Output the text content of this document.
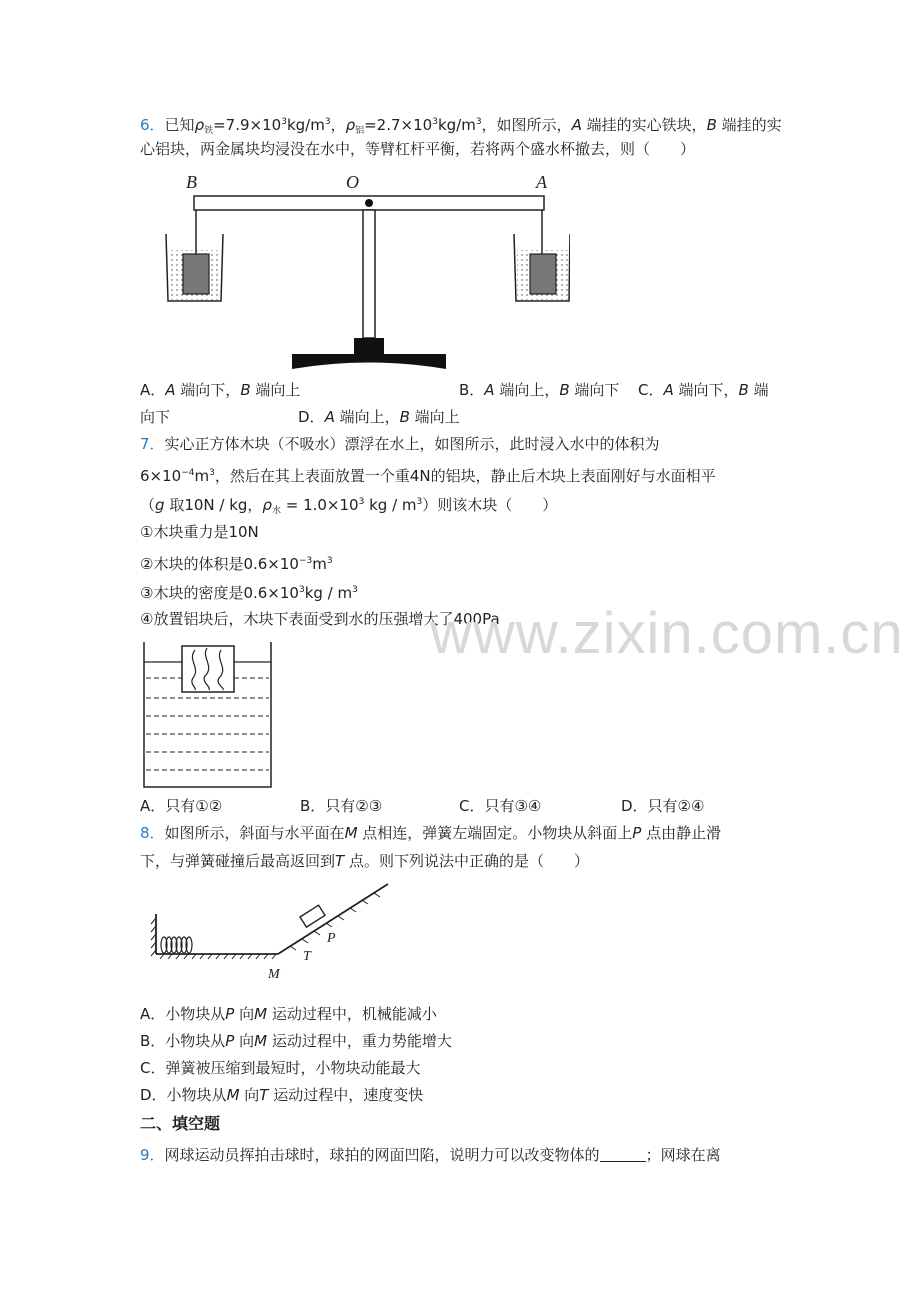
6．已知$\rho_铁=7.9\times 10^3kg/m^3$，$\rho_铝=2.7\times 10^3kg/m^3$，如图所示，A 端挂的实心铁块，B 端挂的实
心铝块，两金属块均浸没在水中，等臂杠杆平衡，若将两个盛水杯撤去，则（　　）
B	O	A
A．A 端向下，B 端向上	B．A 端向上，B 端向下 C．A 端向下，B 端
向下	D．A 端向上，B 端向上
7．实心正方体木块（不吸水）漂浮在水上，如图所示，此时浸入水中的体积为
$6\times 10^{-4}m^3$，然后在其上表面放置一个重4N的铝块，静止后木块上表面刚好与水面相平
（g 取10N / kg，$\rho_水 = 1.0\times 10^3$ kg / $m^3$）则该木块（　　）
①木块重力是10N
②木块的体积是$0.6\times 10^{-3}m^3$
③木块的密度是$0.6\times 10^3kg / m^3$
④放置铝块后，木块下表面受到水的压强增大了400Pa
www.zixin.com.cn
A．只有①②	B．只有②③	C．只有③④	D．只有②④
8．如图所示，斜面与水平面在M 点相连，弹簧左端固定。小物块从斜面上P 点由静止滑
下，与弹簧碰撞后最高返回到T 点。则下列说法中正确的是（　　）
P
T
M
A．小物块从P 向M 运动过程中，机械能减小
B．小物块从P 向M 运动过程中，重力势能增大
C．弹簧被压缩到最短时，小物块动能最大
D．小物块从M 向T 运动过程中，速度变快
二、填空题
9．网球运动员挥拍击球时，球拍的网面凹陷，说明力可以改变物体的	；网球在离
